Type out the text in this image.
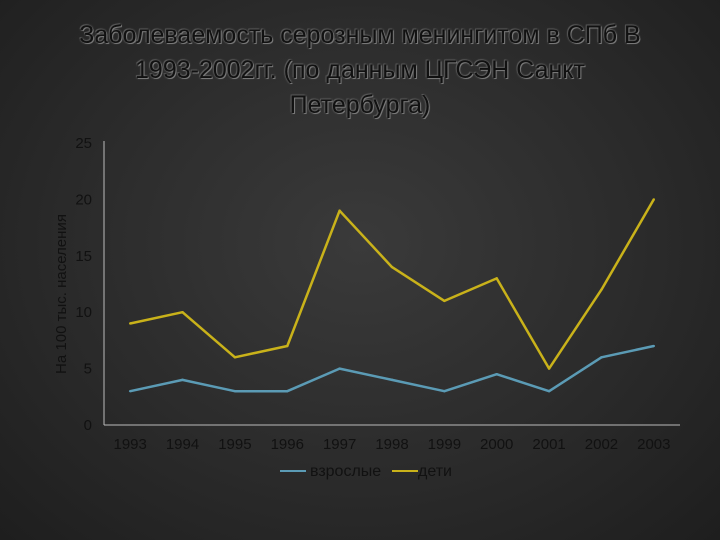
Заболеваемость серозным менингитом в СПб В
1993-2002гг. (по данным ЦГСЭН Санкт
Петербурга)
0
5
10
15
20
25
1993 1994 1995 1996 1997 1998 1999 2000 2001 2002 2003
На 100 тыс. населения
взрослые дети
